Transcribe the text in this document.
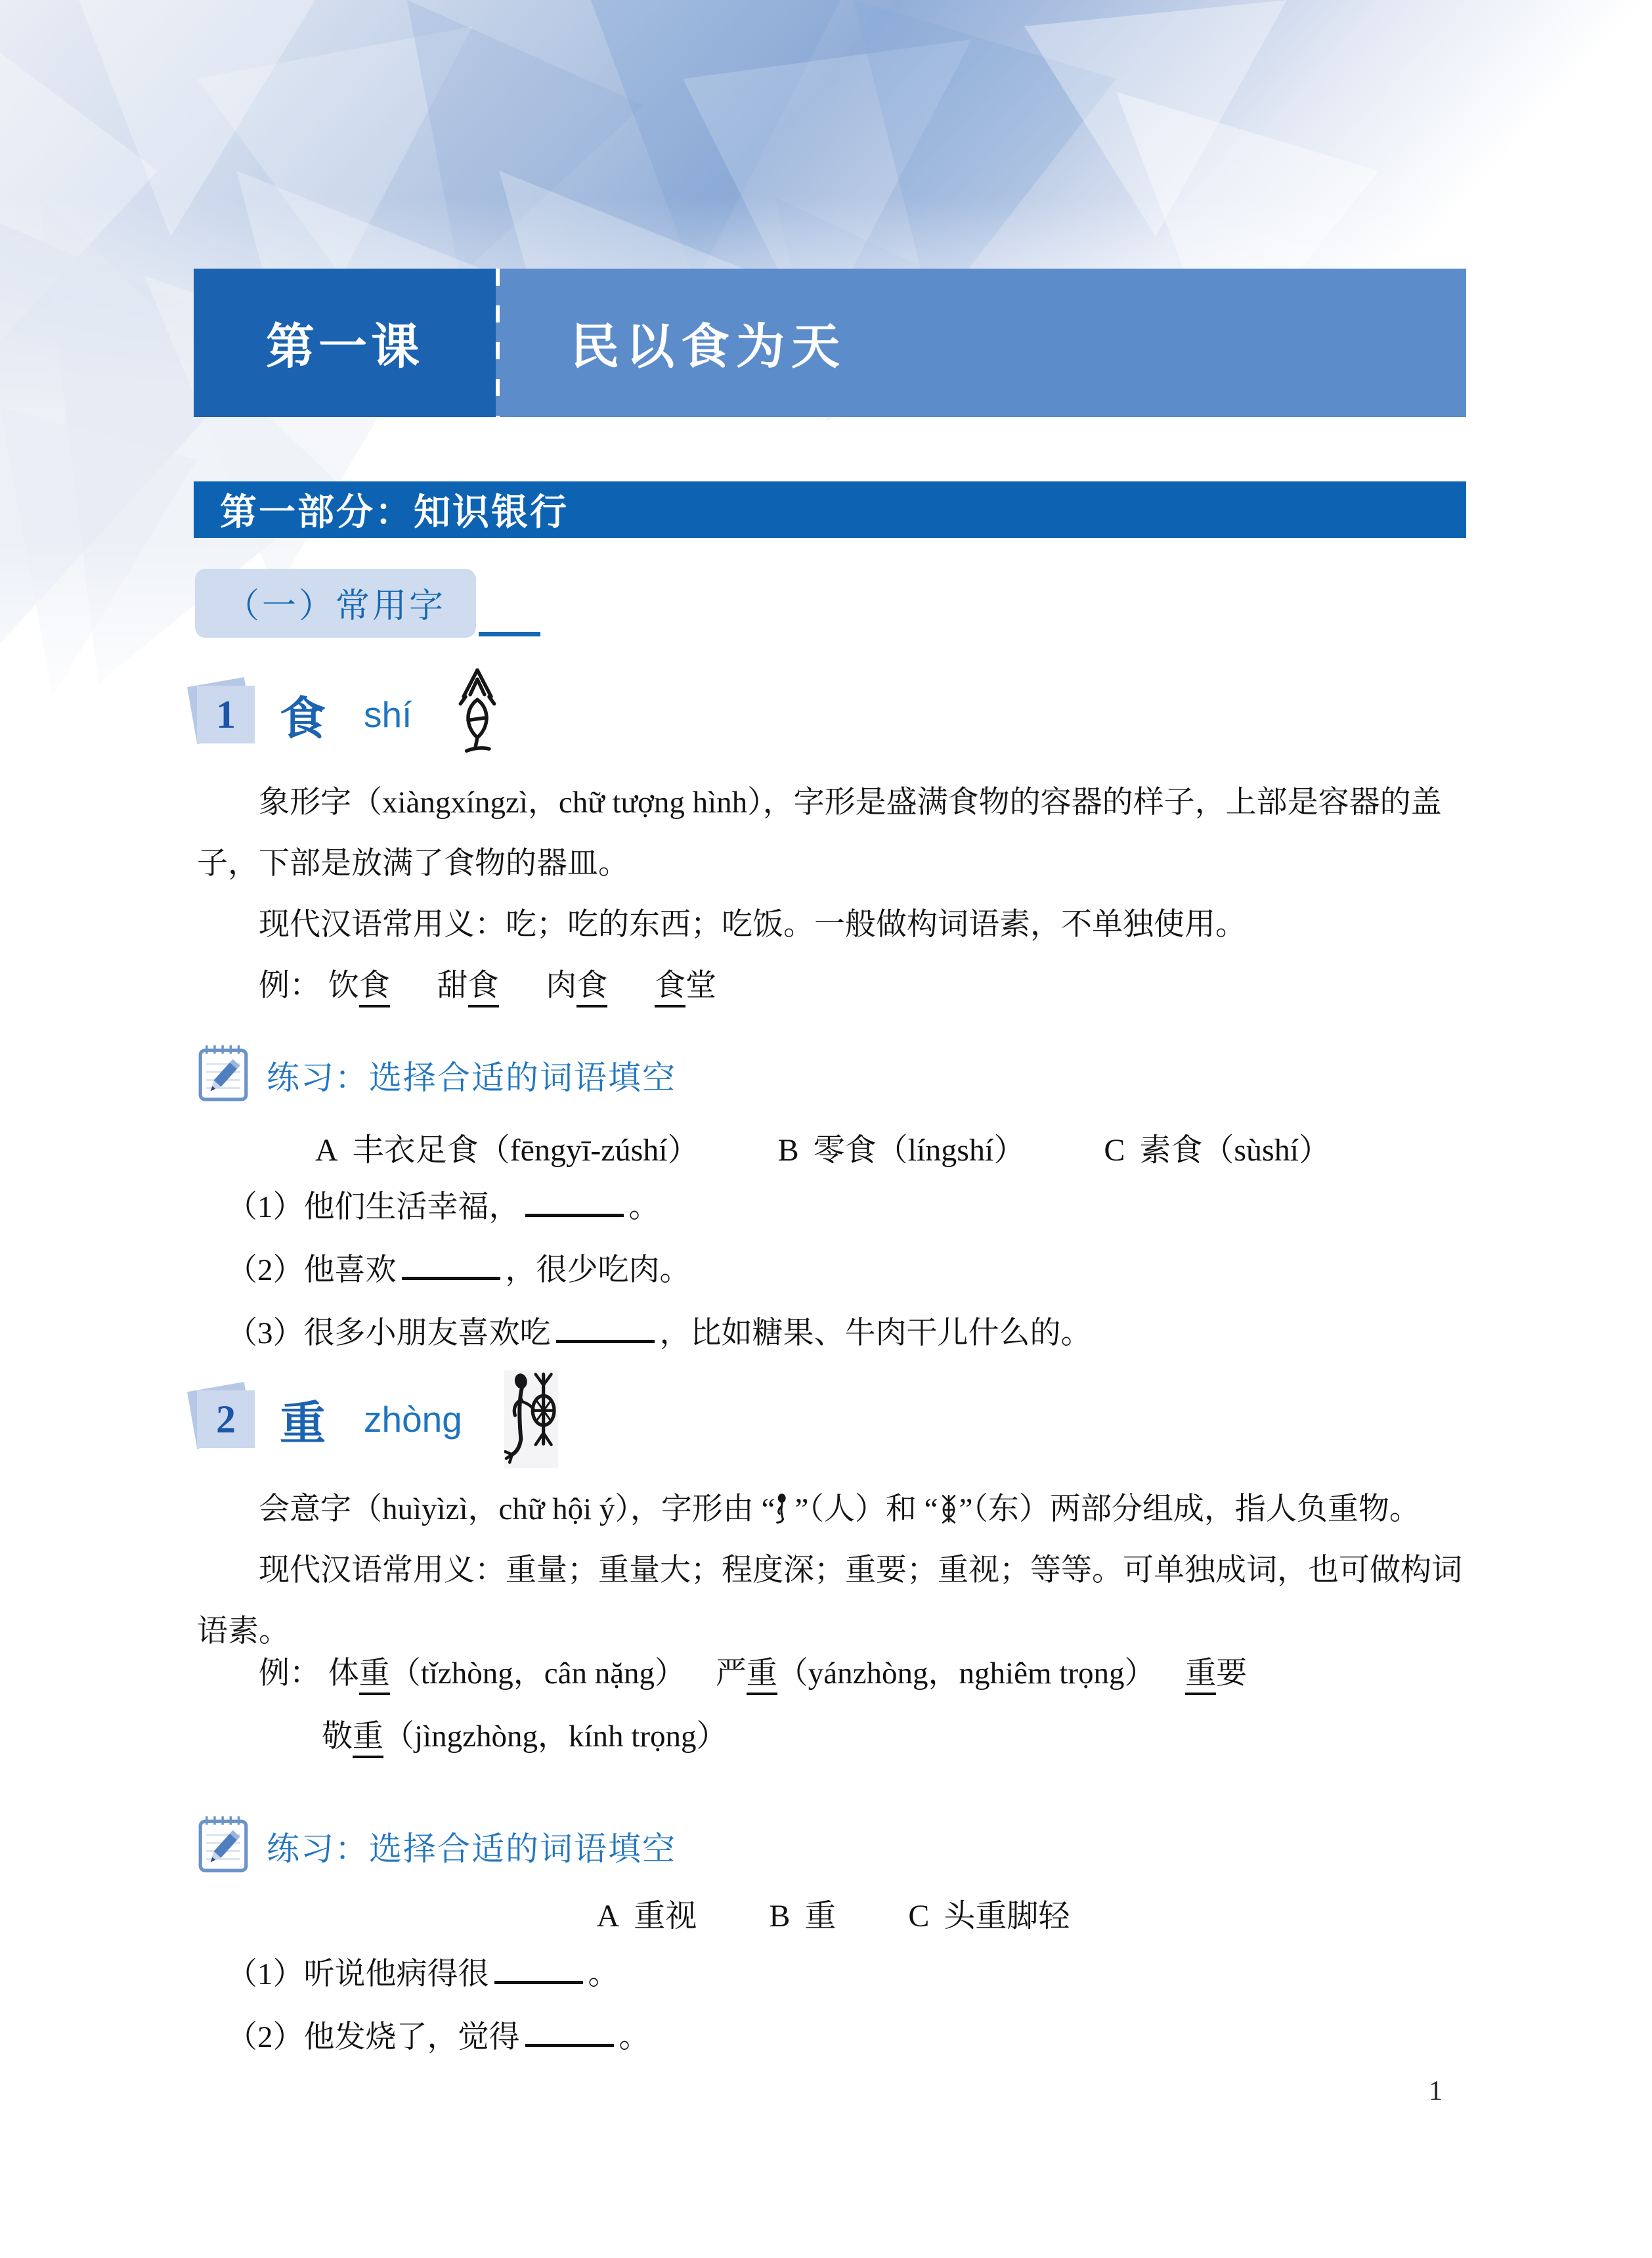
第一课	民以食为天
第一部分：知识银行
（一）常用字
1 食 shí

象形字（xiàngxíngzì，chữ tượng hình），字形是盛满食物的容器的样子，上部是容器的盖子，下部是放满了食物的器皿。

现代汉语常用义：吃；吃的东西；吃饭。一般做构词语素，不单独使用。

例： 饮食 甜食 肉食 食堂

练习：选择合适的词语填空
A 丰衣足食（fēngyī-zúshí）	B 零食（língshí）	C 素食（sùshí）
（1）他们生活幸福，	。
（2）他喜欢	，很少吃肉。
（3）很多小朋友喜欢吃	，比如糖果、牛肉干儿什么的。
2 重 zhòng

会意字（huìyìzì，chữ hội ý），字形由 “ ”（人）和 “ ”（东）两部分组成，指人负重物。

现代汉语常用义：重量；重量大；程度深；重要；重视；等等。可单独成词，也可做构词语素。

例： 体重（tǐzhòng，cân nặng） 严重（yánzhòng，nghiêm trọng） 重要
敬重（jìngzhòng，kính trọng）
练习：选择合适的词语填空
A 重视 B 重 C 头重脚轻
（1）听说他病得很	。
（2）他发烧了，觉得	。
1
